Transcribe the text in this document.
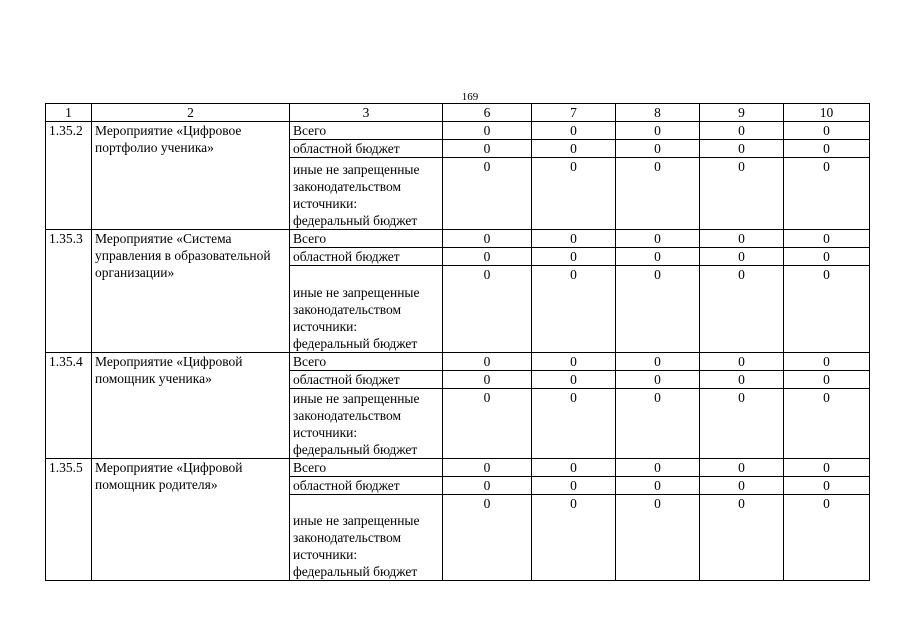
169
1	2	3	6	7	8	9	10
1.35.2	Мероприятие «Цифровое портфолио ученика»	Всего	0	0	0	0	0
		областной бюджет	0	0	0	0	0

		иные не запрещенные
законодательством
источники:
федеральный бюджет	0	0	0	0	0
1.35.3	Мероприятие «Система управления в образовательной организации»	Всего	0	0	0	0	0
		областной бюджет	0	0	0	0	0

		иные не запрещенные
законодательством
источники:
федеральный бюджет	0	0	0	0	0
1.35.4	Мероприятие «Цифровой помощник ученика»	Всего	0	0	0	0	0
		областной бюджет	0	0	0	0	0

		иные не запрещенные
законодательством
источники:
федеральный бюджет	0	0	0	0	0
1.35.5	Мероприятие «Цифровой помощник родителя»	Всего	0	0	0	0	0
		областной бюджет	0	0	0	0	0

		иные не запрещенные
законодательством
источники:
федеральный бюджет	0	0	0	0	0
